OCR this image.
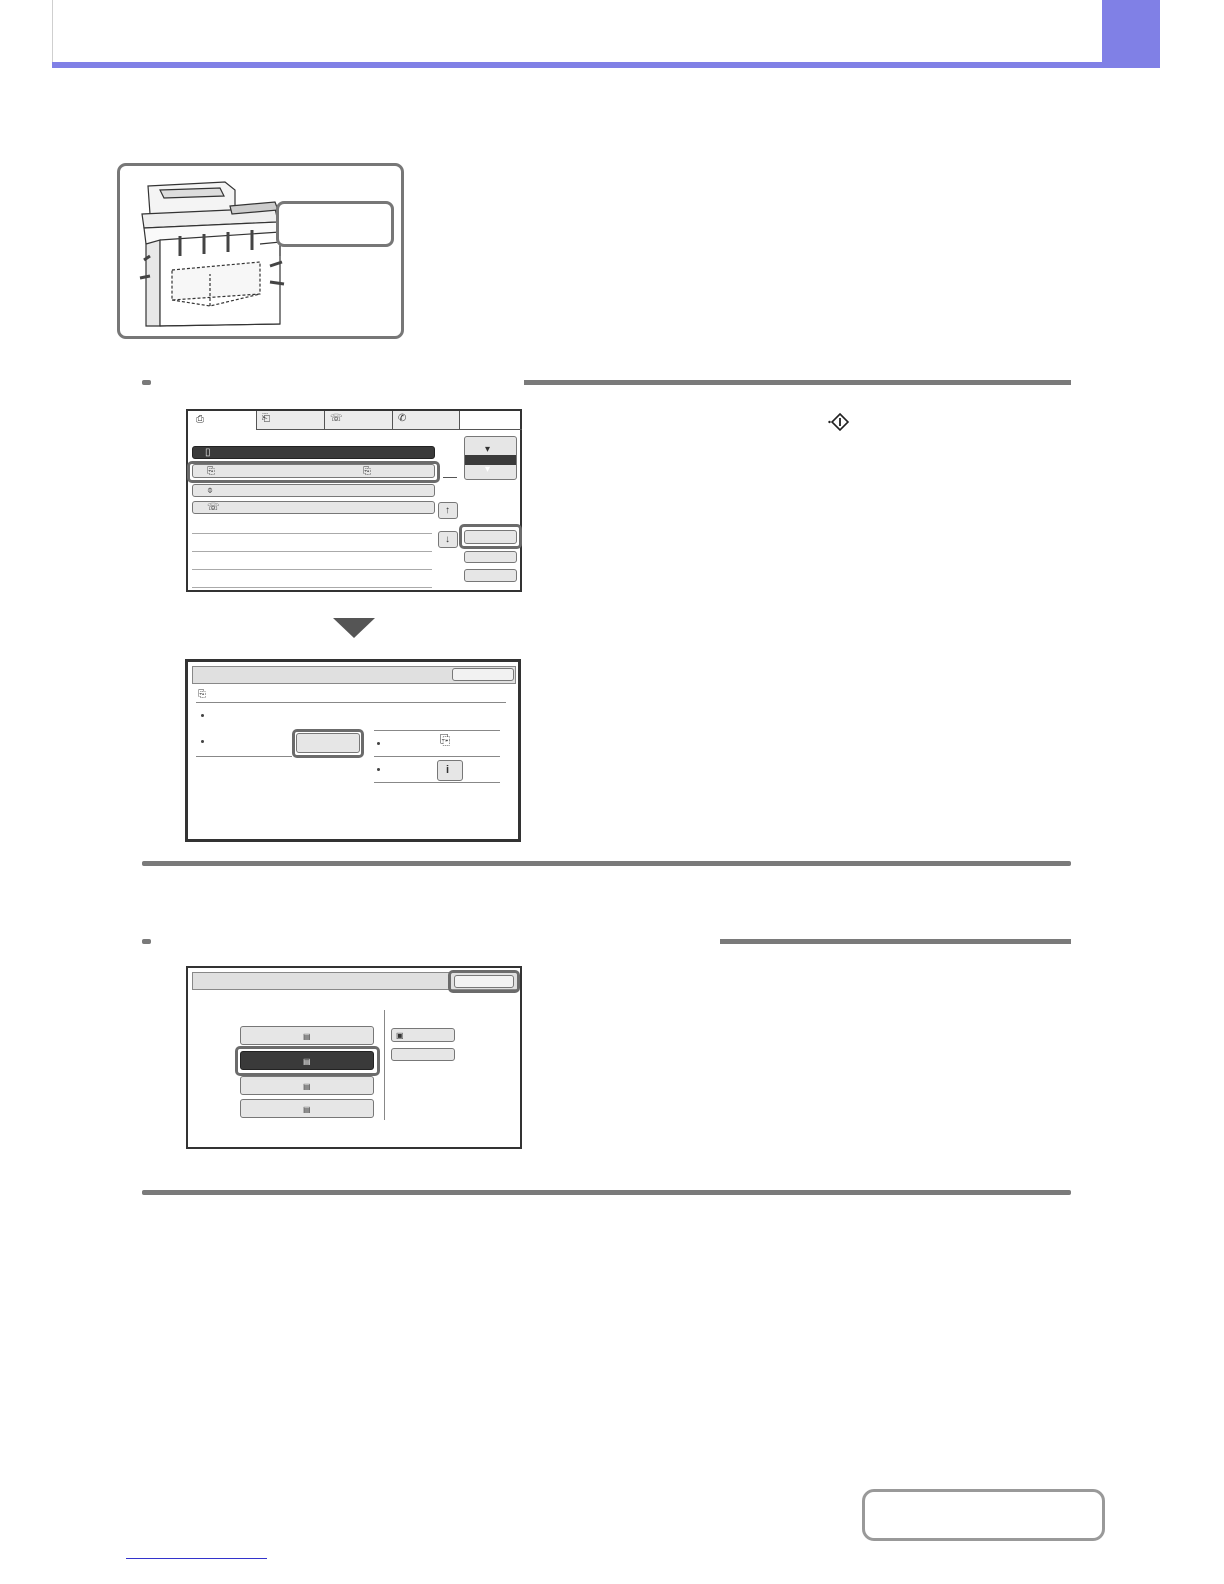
⎙	⎗	☏	✆
▯
⎘	⎘
⌽
☏
▾
▾
↑
↓
⎘
⎘
i
▤
▤
▤
▤
▣
